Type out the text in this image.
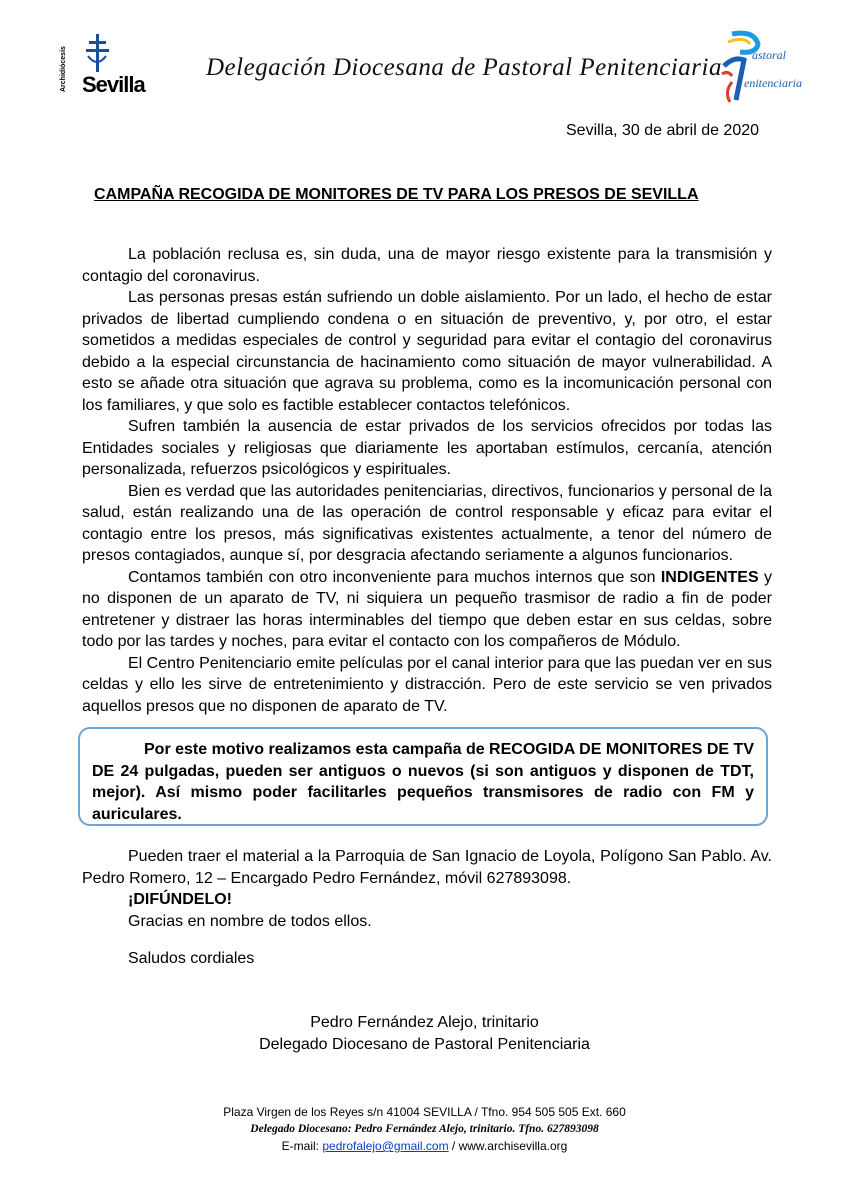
Archidiócesis Sevilla
Delegación Diocesana de Pastoral Penitenciaria	astoral
enitenciaria
Sevilla, 30 de abril de 2020
CAMPAÑA RECOGIDA DE MONITORES DE TV PARA LOS PRESOS DE SEVILLA

La población reclusa es, sin duda, una de mayor riesgo existente para la transmisión y contagio del coronavirus.

Las personas presas están sufriendo un doble aislamiento. Por un lado, el hecho de estar privados de libertad cumpliendo condena o en situación de preventivo, y, por otro, el estar sometidos a medidas especiales de control y seguridad para evitar el contagio del coronavirus debido a la especial circunstancia de hacinamiento como situación de mayor vulnerabilidad. A esto se añade otra situación que agrava su problema, como es la incomunicación personal con los familiares, y que solo es factible establecer contactos telefónicos.

Sufren también la ausencia de estar privados de los servicios ofrecidos por todas las Entidades sociales y religiosas que diariamente les aportaban estímulos, cercanía, atención personalizada, refuerzos psicológicos y espirituales.

Bien es verdad que las autoridades penitenciarias, directivos, funcionarios y personal de la salud, están realizando una de las operación de control responsable y eficaz para evitar el contagio entre los presos, más significativas existentes actualmente, a tenor del número de presos contagiados, aunque sí, por desgracia afectando seriamente a algunos funcionarios.

Contamos también con otro inconveniente para muchos internos que son INDIGENTES y no disponen de un aparato de TV, ni siquiera un pequeño trasmisor de radio a fin de poder entretener y distraer las horas interminables del tiempo que deben estar en sus celdas, sobre todo por las tardes y noches, para evitar el contacto con los compañeros de Módulo.

El Centro Penitenciario emite películas por el canal interior para que las puedan ver en sus celdas y ello les sirve de entretenimiento y distracción. Pero de este servicio se ven privados aquellos presos que no disponen de aparato de TV.

Por este motivo realizamos esta campaña de RECOGIDA DE MONITORES DE TV DE 24 pulgadas, pueden ser antiguos o nuevos (si son antiguos y disponen de TDT, mejor). Así mismo poder facilitarles pequeños transmisores de radio con FM y auriculares.

Pueden traer el material a la Parroquia de San Ignacio de Loyola, Polígono San Pablo. Av. Pedro Romero, 12 – Encargado Pedro Fernández, móvil 627893098.

¡DIFÚNDELO!
Gracias en nombre de todos ellos.
Saludos cordiales
Pedro Fernández Alejo, trinitario
Delegado Diocesano de Pastoral Penitenciaria
Plaza Virgen de los Reyes s/n 41004 SEVILLA / Tfno. 954 505 505 Ext. 660
Delegado Diocesano: Pedro Fernández Alejo, trinitario. Tfno. 627893098
E-mail: pedrofalejo@gmail.com / www.archisevilla.org
